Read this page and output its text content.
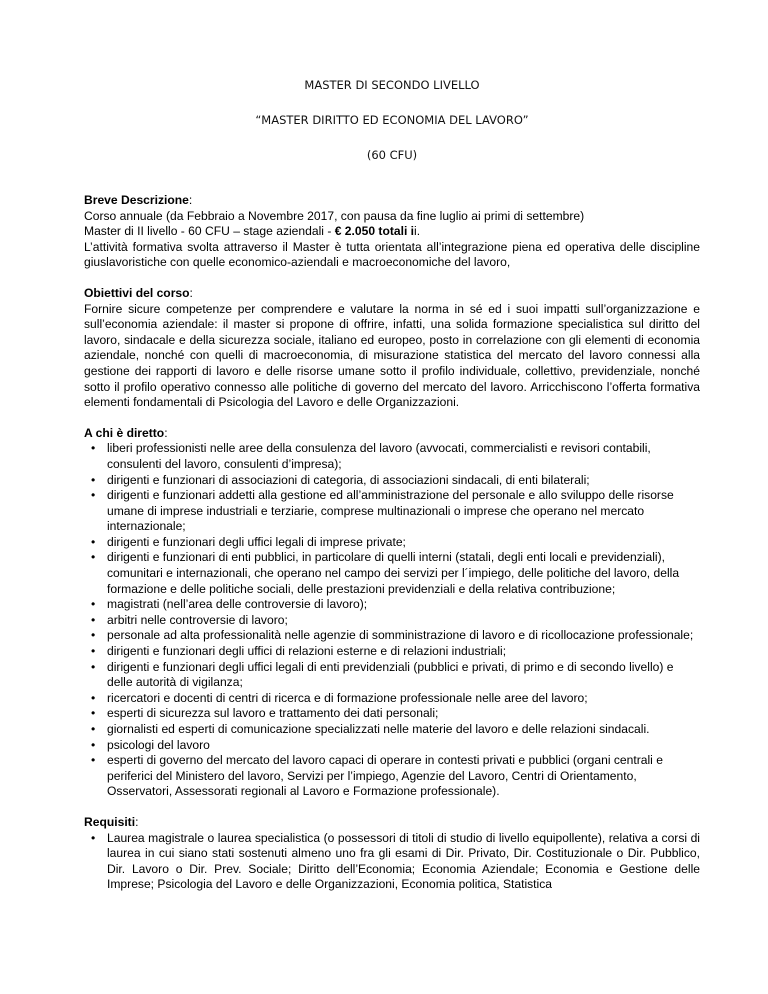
MASTER DI SECONDO LIVELLO
“MASTER DIRITTO ED ECONOMIA DEL LAVORO”
(60 CFU)

Breve Descrizione:

Corso annuale (da Febbraio a Novembre 2017, con pausa da fine luglio ai primi di settembre)

Master di II livello - 60 CFU – stage aziendali - € 2.050 totali ii.

L’attività formativa svolta attraverso il Master è tutta orientata all’integrazione piena ed operativa delle discipline giuslavoristiche con quelle economico-aziendali e macroeconomiche del lavoro,

Obiettivi del corso:

Fornire sicure competenze per comprendere e valutare la norma in sé ed i suoi impatti sull’organizzazione e sull’economia aziendale: il master si propone di offrire, infatti, una solida formazione specialistica sul diritto del lavoro, sindacale e della sicurezza sociale, italiano ed europeo, posto in correlazione con gli elementi di economia aziendale, nonché con quelli di macroeconomia, di misurazione statistica del mercato del lavoro connessi alla gestione dei rapporti di lavoro e delle risorse umane sotto il profilo individuale, collettivo, previdenziale, nonché sotto il profilo operativo connesso alle politiche di governo del mercato del lavoro. Arricchiscono l’offerta formativa elementi fondamentali di Psicologia del Lavoro e delle Organizzazioni.

A chi è diretto:

• liberi professionisti nelle aree della consulenza del lavoro (avvocati, commercialisti e revisori contabili, consulenti del lavoro, consulenti d’impresa);
• dirigenti e funzionari di associazioni di categoria, di associazioni sindacali, di enti bilaterali;
• dirigenti e funzionari addetti alla gestione ed all’amministrazione del personale e allo sviluppo delle risorse umane di imprese industriali e terziarie, comprese multinazionali o imprese che operano nel mercato internazionale;
• dirigenti e funzionari degli uffici legali di imprese private;
• dirigenti e funzionari di enti pubblici, in particolare di quelli interni (statali, degli enti locali e previdenziali), comunitari e internazionali, che operano nel campo dei servizi per l´impiego, delle politiche del lavoro, della formazione e delle politiche sociali, delle prestazioni previdenziali e della relativa contribuzione;
• magistrati (nell’area delle controversie di lavoro);
• arbitri nelle controversie di lavoro;
• personale ad alta professionalità nelle agenzie di somministrazione di lavoro e di ricollocazione professionale;
• dirigenti e funzionari degli uffici di relazioni esterne e di relazioni industriali;
• dirigenti e funzionari degli uffici legali di enti previdenziali (pubblici e privati, di primo e di secondo livello) e delle autorità di vigilanza;
• ricercatori e docenti di centri di ricerca e di formazione professionale nelle aree del lavoro;
• esperti di sicurezza sul lavoro e trattamento dei dati personali;
• giornalisti ed esperti di comunicazione specializzati nelle materie del lavoro e delle relazioni sindacali.
• psicologi del lavoro
• esperti di governo del mercato del lavoro capaci di operare in contesti privati e pubblici (organi centrali e periferici del Ministero del lavoro, Servizi per l’impiego, Agenzie del Lavoro, Centri di Orientamento, Osservatori, Assessorati regionali al Lavoro e Formazione professionale).

Requisiti:

• Laurea magistrale o laurea specialistica (o possessori di titoli di studio di livello equipollente), relativa a corsi di laurea in cui siano stati sostenuti almeno uno fra gli esami di Dir. Privato, Dir. Costituzionale o Dir. Pubblico, Dir. Lavoro o Dir. Prev. Sociale; Diritto dell’Economia; Economia Aziendale; Economia e Gestione delle Imprese; Psicologia del Lavoro e delle Organizzazioni, Economia politica, Statistica
